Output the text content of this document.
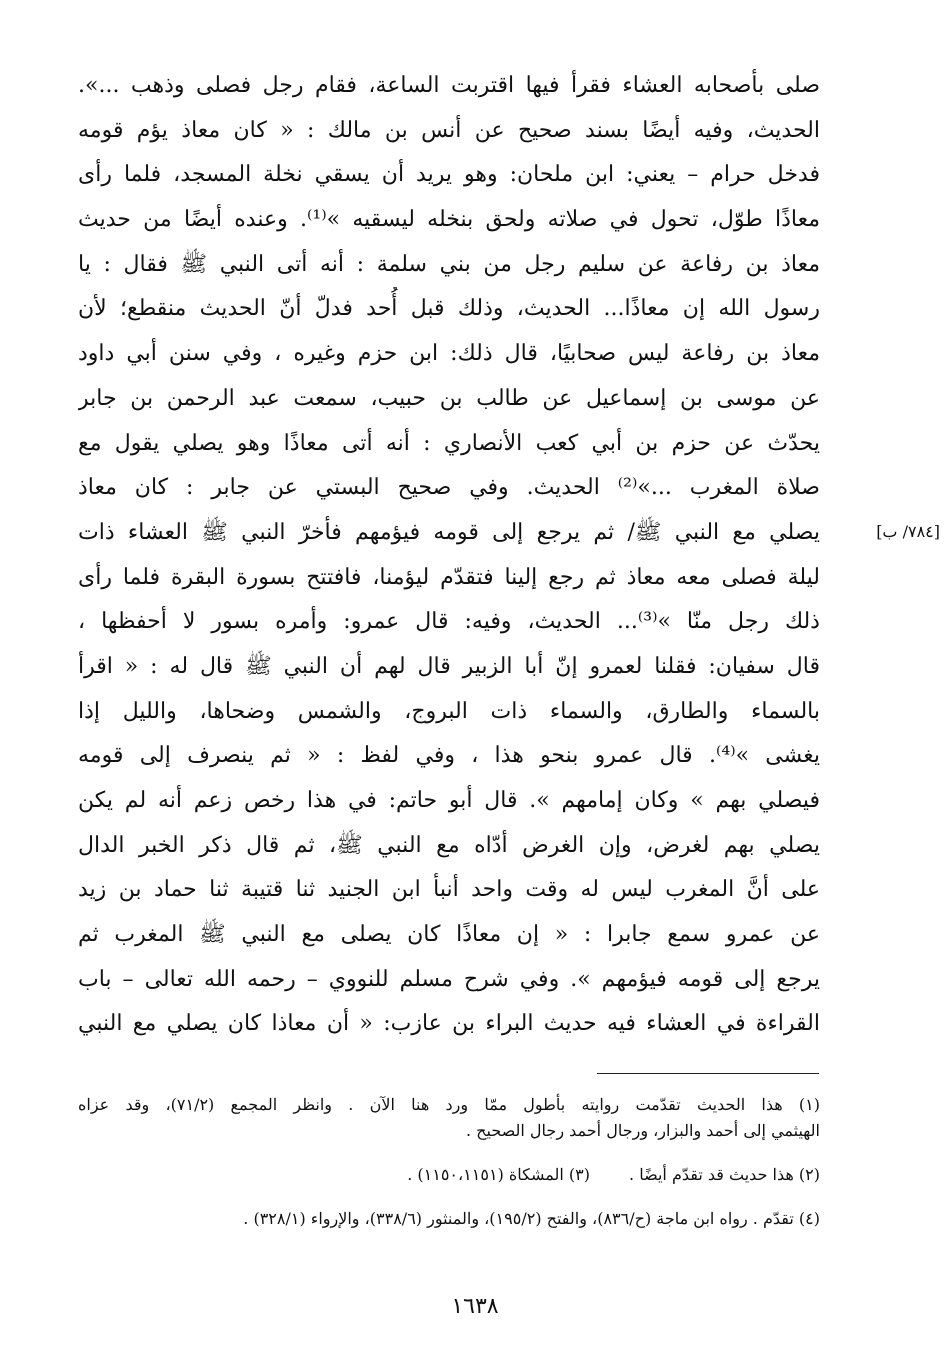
صلى بأصحابه العشاء فقرأ فيها اقتربت الساعة، فقام رجل فصلى وذهب ...».
الحديث، وفيه أيضًا بسند صحيح عن أنس بن مالك : « كان معاذ يؤم قومه
فدخل حرام – يعني: ابن ملحان: وهو يريد أن يسقي نخلة المسجد، فلما رأى
معاذًا طوّل، تحول في صلاته ولحق بنخله ليسقيه »⁽¹⁾. وعنده أيضًا من حديث
معاذ بن رفاعة عن سليم رجل من بني سلمة : أنه أتى النبي ﷺ فقال : يا
رسول الله إن معاذًا... الحديث، وذلك قبل أُحد فدلّ أنّ الحديث منقطع؛ لأن
معاذ بن رفاعة ليس صحابيًا، قال ذلك: ابن حزم وغيره ، وفي سنن أبي داود
عن موسى بن إسماعيل عن طالب بن حبيب، سمعت عبد الرحمن بن جابر
يحدّث عن حزم بن أبي كعب الأنصاري : أنه أتى معاذًا وهو يصلي يقول مع
صلاة المغرب ...»⁽²⁾ الحديث. وفي صحيح البستي عن جابر : كان معاذ
يصلي مع النبي ﷺ/ ثم يرجع إلى قومه فيؤمهم فأخرّ النبي ﷺ العشاء ذات
ليلة فصلى معه معاذ ثم رجع إلينا فتقدّم ليؤمنا، فافتتح بسورة البقرة فلما رأى
ذلك رجل منّا »⁽³⁾... الحديث، وفيه: قال عمرو: وأمره بسور لا أحفظها ،
قال سفيان: فقلنا لعمرو إنّ أبا الزبير قال لهم أن النبي ﷺ قال له : « اقرأ
بالسماء والطارق، والسماء ذات البروج، والشمس وضحاها، والليل إذا
يغشى »⁽⁴⁾. قال عمرو بنحو هذا ، وفي لفظ : « ثم ينصرف إلى قومه
فيصلي بهم » وكان إمامهم ». قال أبو حاتم: في هذا رخص زعم أنه لم يكن
يصلي بهم لغرض، وإن الغرض أدّاه مع النبي ﷺ، ثم قال ذكر الخبر الدال
على أنَّ المغرب ليس له وقت واحد أنبأ ابن الجنيد ثنا قتيبة ثنا حماد بن زيد
عن عمرو سمع جابرا : « إن معاذًا كان يصلى مع النبي ﷺ المغرب ثم
يرجع إلى قومه فيؤمهم ». وفي شرح مسلم للنووي – رحمه الله تعالى – باب
القراءة في العشاء فيه حديث البراء بن عازب: « أن معاذا كان يصلي مع النبي
[٧٨٤/ ب]
(١) هذا الحديث تقدّمت روايته بأطول ممّا ورد هنا الآن . وانظر المجمع (٧١/٢)، وقد عزاه
الهيثمي إلى أحمد والبزار، ورجال أحمد رجال الصحيح .
(٢) هذا حديث قد تقدّم أيضًا .
(٣) المشكاة (١١٥٠،١١٥١) .
(٤) تقدّم . رواه ابن ماجة (ح/٨٣٦)، والفتح (١٩٥/٢)، والمنثور (٣٣٨/٦)، والإرواء (٣٢٨/١) .
١٦٣٨
